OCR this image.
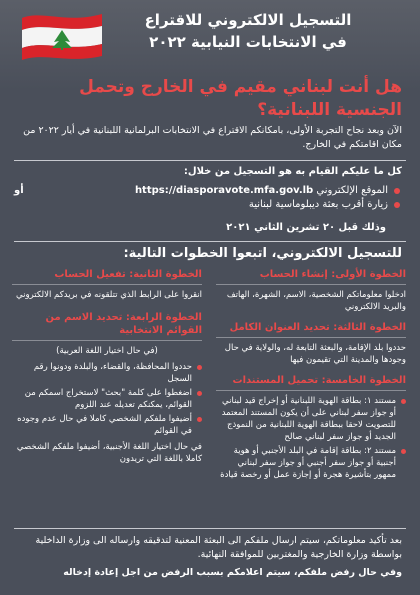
التسجيل الالكتروني للاقتراع
في الانتخابات النيابية ٢٠٢٢
هل أنت لبناني مقيم في الخارج وتحمل الجنسية اللبنانية؟
الآن وبعد نجاح التجربة الأولى، بامكانكم الاقتراع في الانتخابات البرلمانية اللبنانية في أيار ٢٠٢٢ من مكان اقامتكم في الخارج.
كل ما عليكم القيام به هو التسجيل من خلال:
الموقع الإلكتروني https://diasporavote.mfa.gov.lb
أو
زيارة أقرب بعثة ديبلوماسية لبنانية
وذلك قبل ٢٠ تشرين الثاني ٢٠٢١
للتسجيل الالكتروني، اتبعوا الخطوات التالية:
الخطوة الأولى: إنشاء الحساب
ادخلوا معلوماتكم الشخصية، الاسم، الشهرة، الهاتف والبريد الالكتروني
الخطوة الثالثة: تحديد العنوان الكامل
حددوا بلد الإقامة، والبعثة التابعة له، والولاية في حال وجودها والمدينة التي تقيمون فيها
الخطوة الخامسة: تحميل المستندات
مستند ١: بطاقة الهوية اللبنانية أو إخراج قيد لبناني أو جواز سفر لبناني على أن يكون المستند المعتمد للتصويت لاحقا ببطاقة الهوية اللبنانية من النموذج الجديد أو جواز سفر لبناني صالح
مستند ٢: بطاقة إقامة في البلد الأجنبي أو هوية أجنبية أو جواز سفر أجنبي أو جواز سفر لبناني ممهور بتأشيرة هجرة أو إجازة عمل أو رخصة قيادة
الخطوة الثانية: تفعيل الحساب
انقروا على الرابط الذي تتلقونه في بريدكم الالكتروني
الخطوة الرابعة: تحديد الاسم من القوائم الانتخابية
(في حال اختيار اللغة العربية)
حددوا المحافظة، والقضاء، والبلدة ودونوا رقم السجل
اضغطوا على كلمة "بحث" لاستخراج اسمكم من القوائم، يمكنكم تعديله عند اللزوم
أضيفوا ملفكم الشخصي كاملا في حال عدم وجوده في القوائم
في حال اختيار اللغة الأجنبية، أضيفوا ملفكم الشخصي كاملا باللغة التي تريدون
بعد تأكيد معلوماتكم، سيتم ارسال ملفكم الى البعثة المعنية لتدقيقه وارساله الى وزارة الداخلية بواسطة وزارة الخارجية والمغتربين للموافقة النهائية.
وفي حال رفض ملفكم، سيتم اعلامكم بسبب الرفض من اجل إعادة إدخاله
